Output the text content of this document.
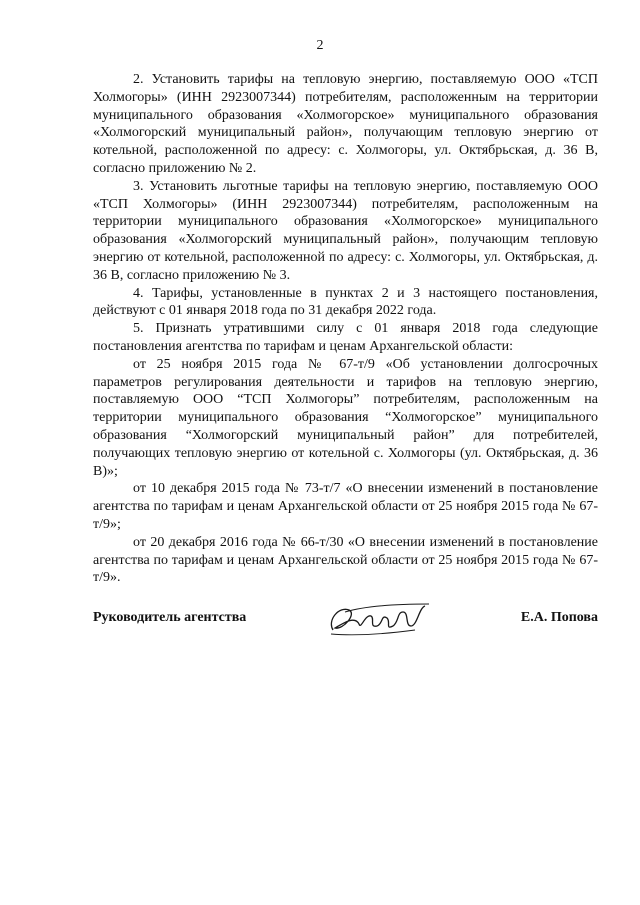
2

2. Установить тарифы на тепловую энергию, поставляемую ООО «ТСП Холмогоры» (ИНН 2923007344) потребителям, расположенным на территории муниципального образования «Холмогорское» муниципального образования «Холмогорский муниципальный район», получающим тепловую энергию от котельной, расположенной по адресу: с. Холмогоры, ул. Октябрьская, д. 36 В, согласно приложению № 2.

3. Установить льготные тарифы на тепловую энергию, поставляемую ООО «ТСП Холмогоры» (ИНН 2923007344) потребителям, расположенным на территории муниципального образования «Холмогорское» муниципального образования «Холмогорский муниципальный район», получающим тепловую энергию от котельной, расположенной по адресу: с. Холмогоры, ул. Октябрьская, д. 36 В, согласно приложению № 3.

4. Тарифы, установленные в пунктах 2 и 3 настоящего постановления, действуют с 01 января 2018 года по 31 декабря 2022 года.

5. Признать утратившими силу с 01 января 2018 года следующие постановления агентства по тарифам и ценам Архангельской области:

от 25 ноября 2015 года № 67-т/9 «Об установлении долгосрочных параметров регулирования деятельности и тарифов на тепловую энергию, поставляемую ООО “ТСП Холмогоры” потребителям, расположенным на территории муниципального образования “Холмогорское” муниципального образования “Холмогорский муниципальный район” для потребителей, получающих тепловую энергию от котельной с. Холмогоры (ул. Октябрьская, д. 36 В)»;

от 10 декабря 2015 года № 73-т/7 «О внесении изменений в постановление агентства по тарифам и ценам Архангельской области от 25 ноября 2015 года № 67-т/9»;

от 20 декабря 2016 года № 66-т/30 «О внесении изменений в постановление агентства по тарифам и ценам Архангельской области от 25 ноября 2015 года № 67-т/9».

Руководитель агентства	Е.А. Попова
